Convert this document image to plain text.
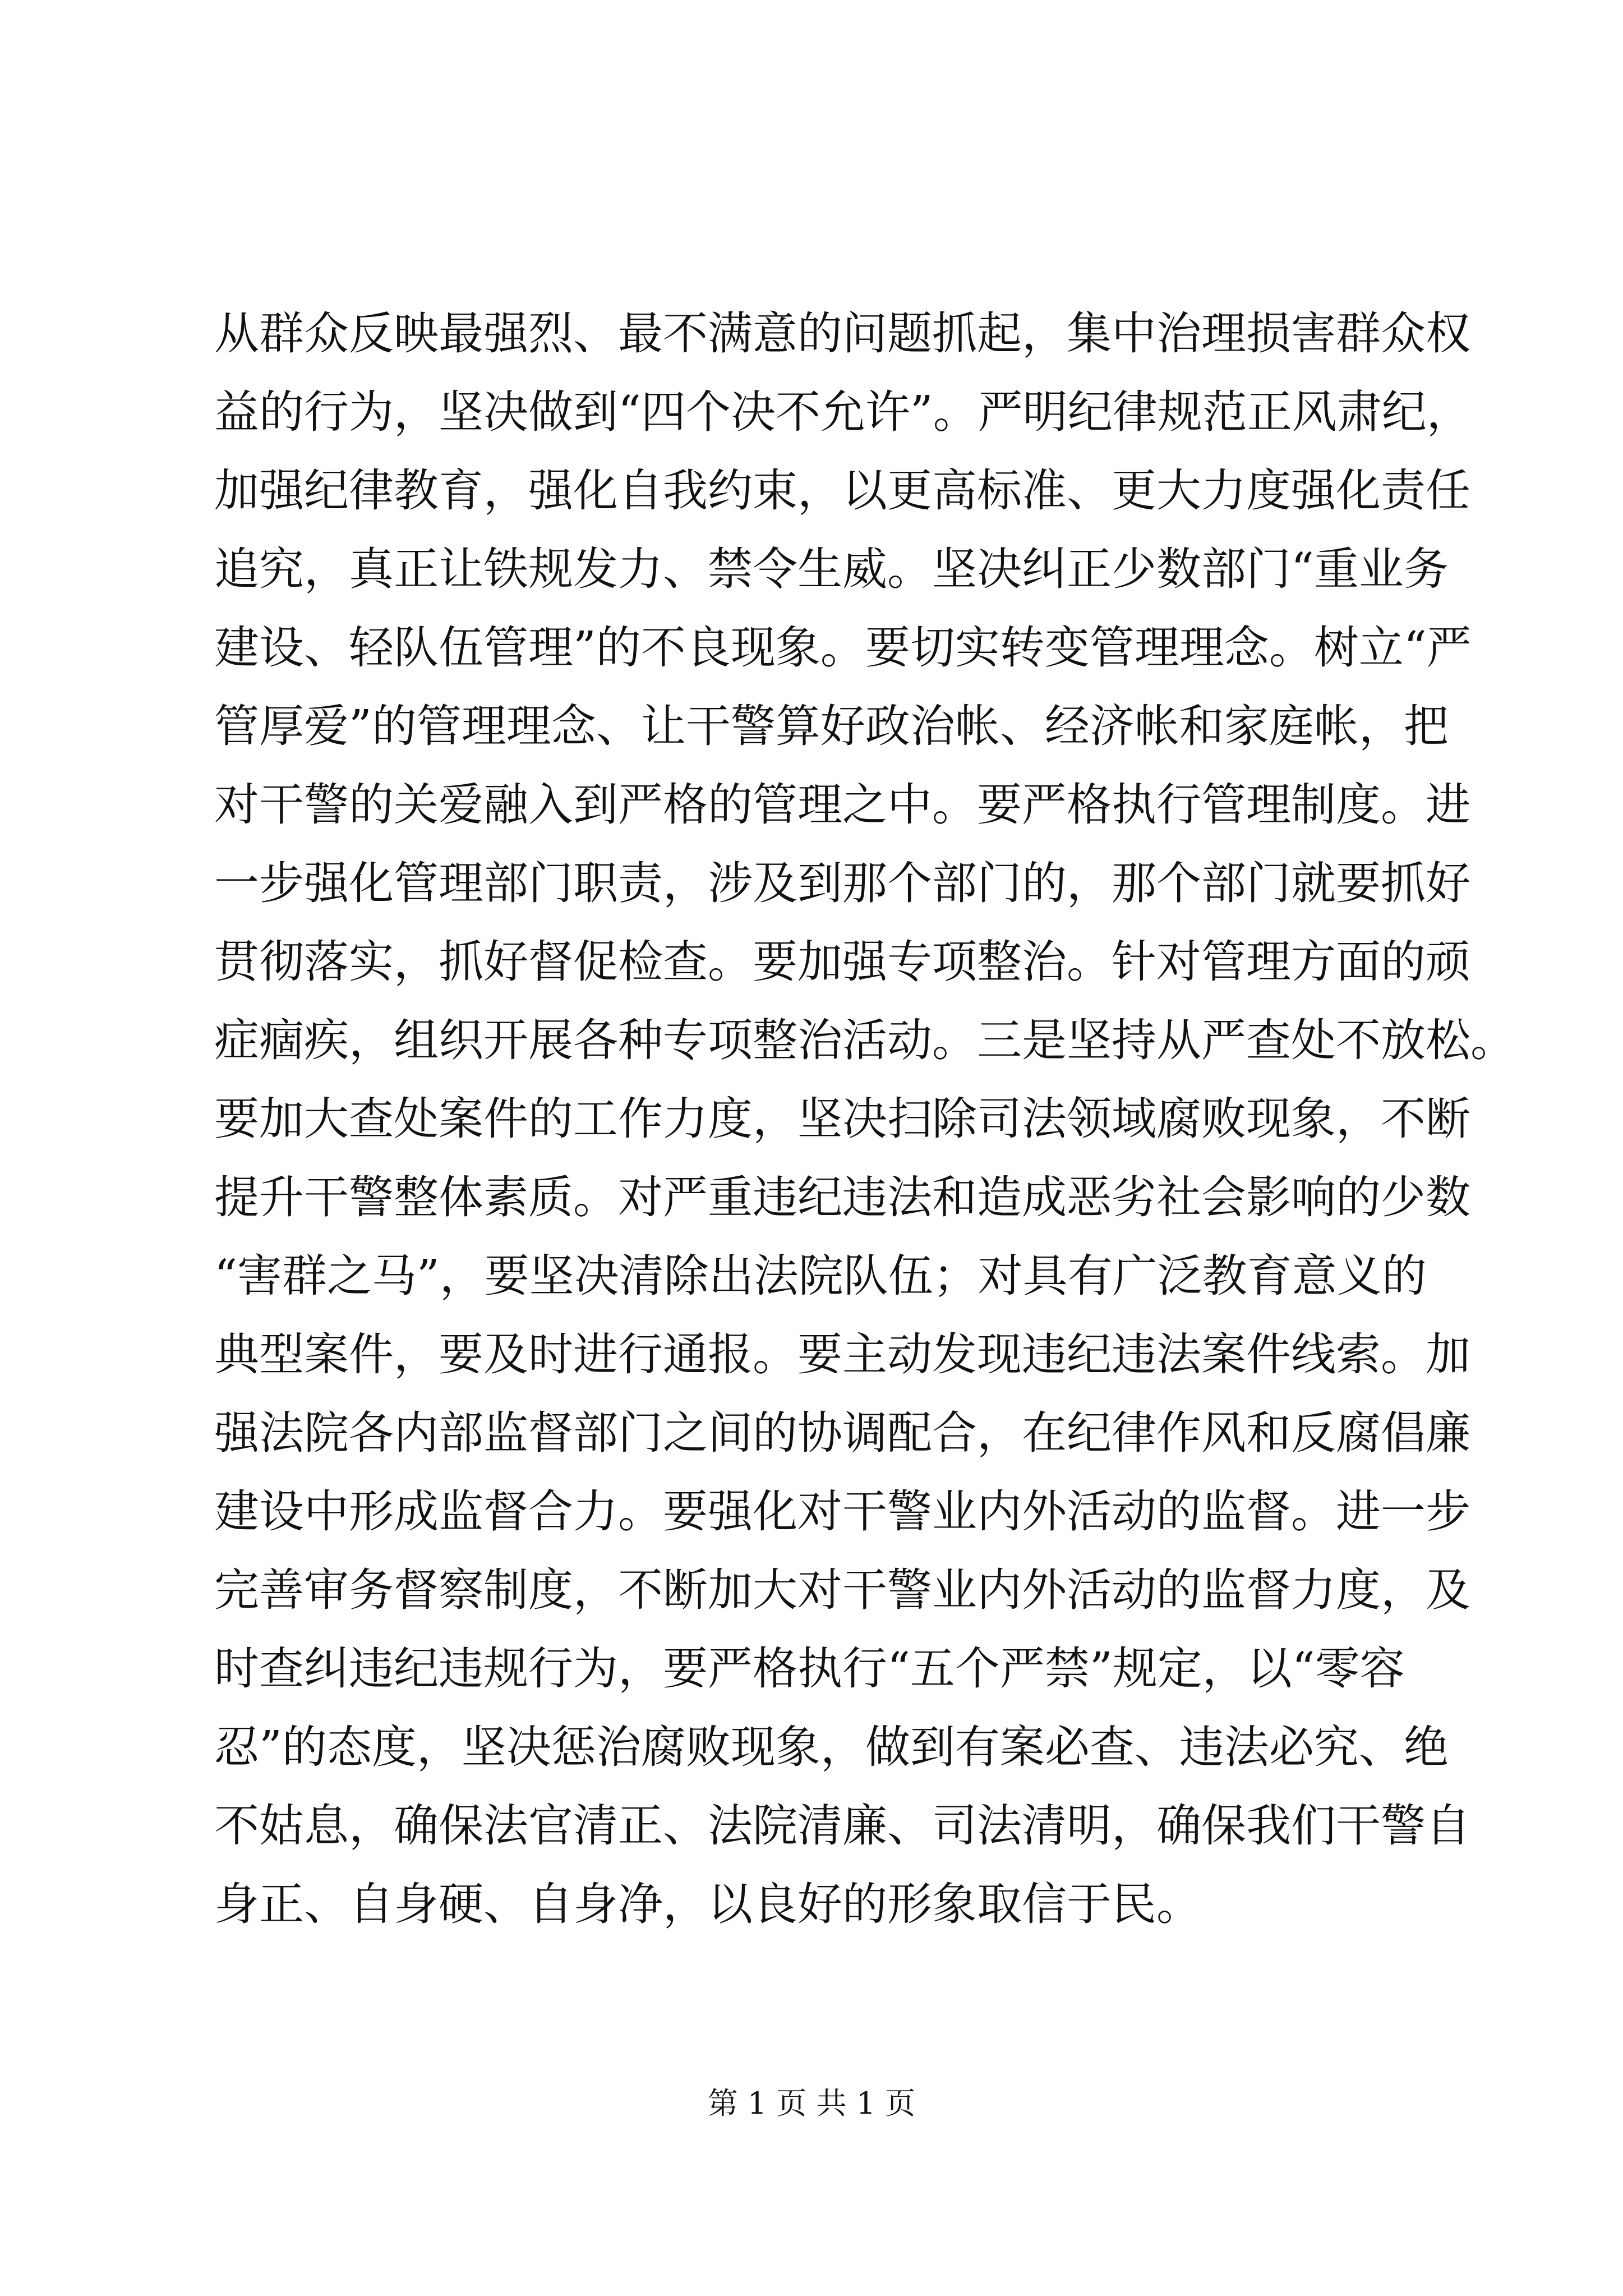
从群众反映最强烈、最不满意的问题抓起，集中治理损害群众权
益的行为，坚决做到“四个决不允许”。严明纪律规范正风肃纪，
加强纪律教育，强化自我约束，以更高标准、更大力度强化责任
追究，真正让铁规发力、禁令生威。坚决纠正少数部门“重业务
建设、轻队伍管理”的不良现象。要切实转变管理理念。树立“严
管厚爱”的管理理念、让干警算好政治帐、经济帐和家庭帐，把
对干警的关爱融入到严格的管理之中。要严格执行管理制度。进
一步强化管理部门职责，涉及到那个部门的，那个部门就要抓好
贯彻落实，抓好督促检查。要加强专项整治。针对管理方面的顽
症痼疾，组织开展各种专项整治活动。三是坚持从严查处不放松。
要加大查处案件的工作力度，坚决扫除司法领域腐败现象，不断
提升干警整体素质。对严重违纪违法和造成恶劣社会影响的少数
“害群之马”，要坚决清除出法院队伍；对具有广泛教育意义的
典型案件，要及时进行通报。要主动发现违纪违法案件线索。加
强法院各内部监督部门之间的协调配合，在纪律作风和反腐倡廉
建设中形成监督合力。要强化对干警业内外活动的监督。进一步
完善审务督察制度，不断加大对干警业内外活动的监督力度，及
时查纠违纪违规行为，要严格执行“五个严禁”规定，以“零容
忍”的态度，坚决惩治腐败现象，做到有案必查、违法必究、绝
不姑息，确保法官清正、法院清廉、司法清明，确保我们干警自
身正、自身硬、自身净，以良好的形象取信于民。
第 1 页 共 1 页
